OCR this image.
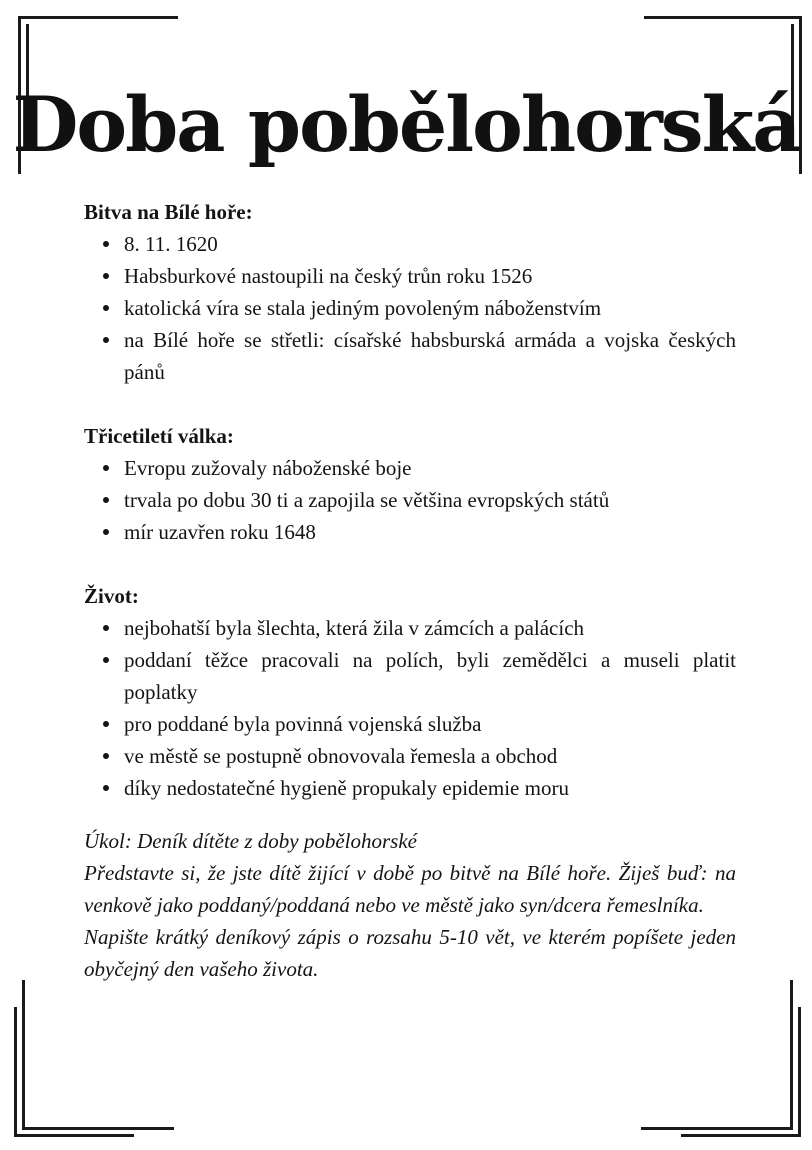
Doba pobělohorská

Bitva na Bílé hoře:

8. 11. 1620
Habsburkové nastoupili na český trůn roku 1526
katolická víra se stala jediným povoleným náboženstvím
na Bílé hoře se střetli: císařské habsburská armáda a vojska českých pánů

Třicetiletí válka:

Evropu zužovaly náboženské boje
trvala po dobu 30 ti a zapojila se většina evropských států
mír uzavřen roku 1648

Život:

nejbohatší byla šlechta, která žila v zámcích a palácích
poddaní těžce pracovali na polích, byli zemědělci a museli platit poplatky
pro poddané byla povinná vojenská služba
ve městě se postupně obnovovala řemesla a obchod
díky nedostatečné hygieně propukaly epidemie moru

Úkol: Deník dítěte z doby pobělohorské

Představte si, že jste dítě žijící v době po bitvě na Bílé hoře. Žiješ buď: na venkově jako poddaný/poddaná nebo ve městě jako syn/dcera řemeslníka.

Napište krátký deníkový zápis o rozsahu 5-10 vět, ve kterém popíšete jeden obyčejný den vašeho života.
